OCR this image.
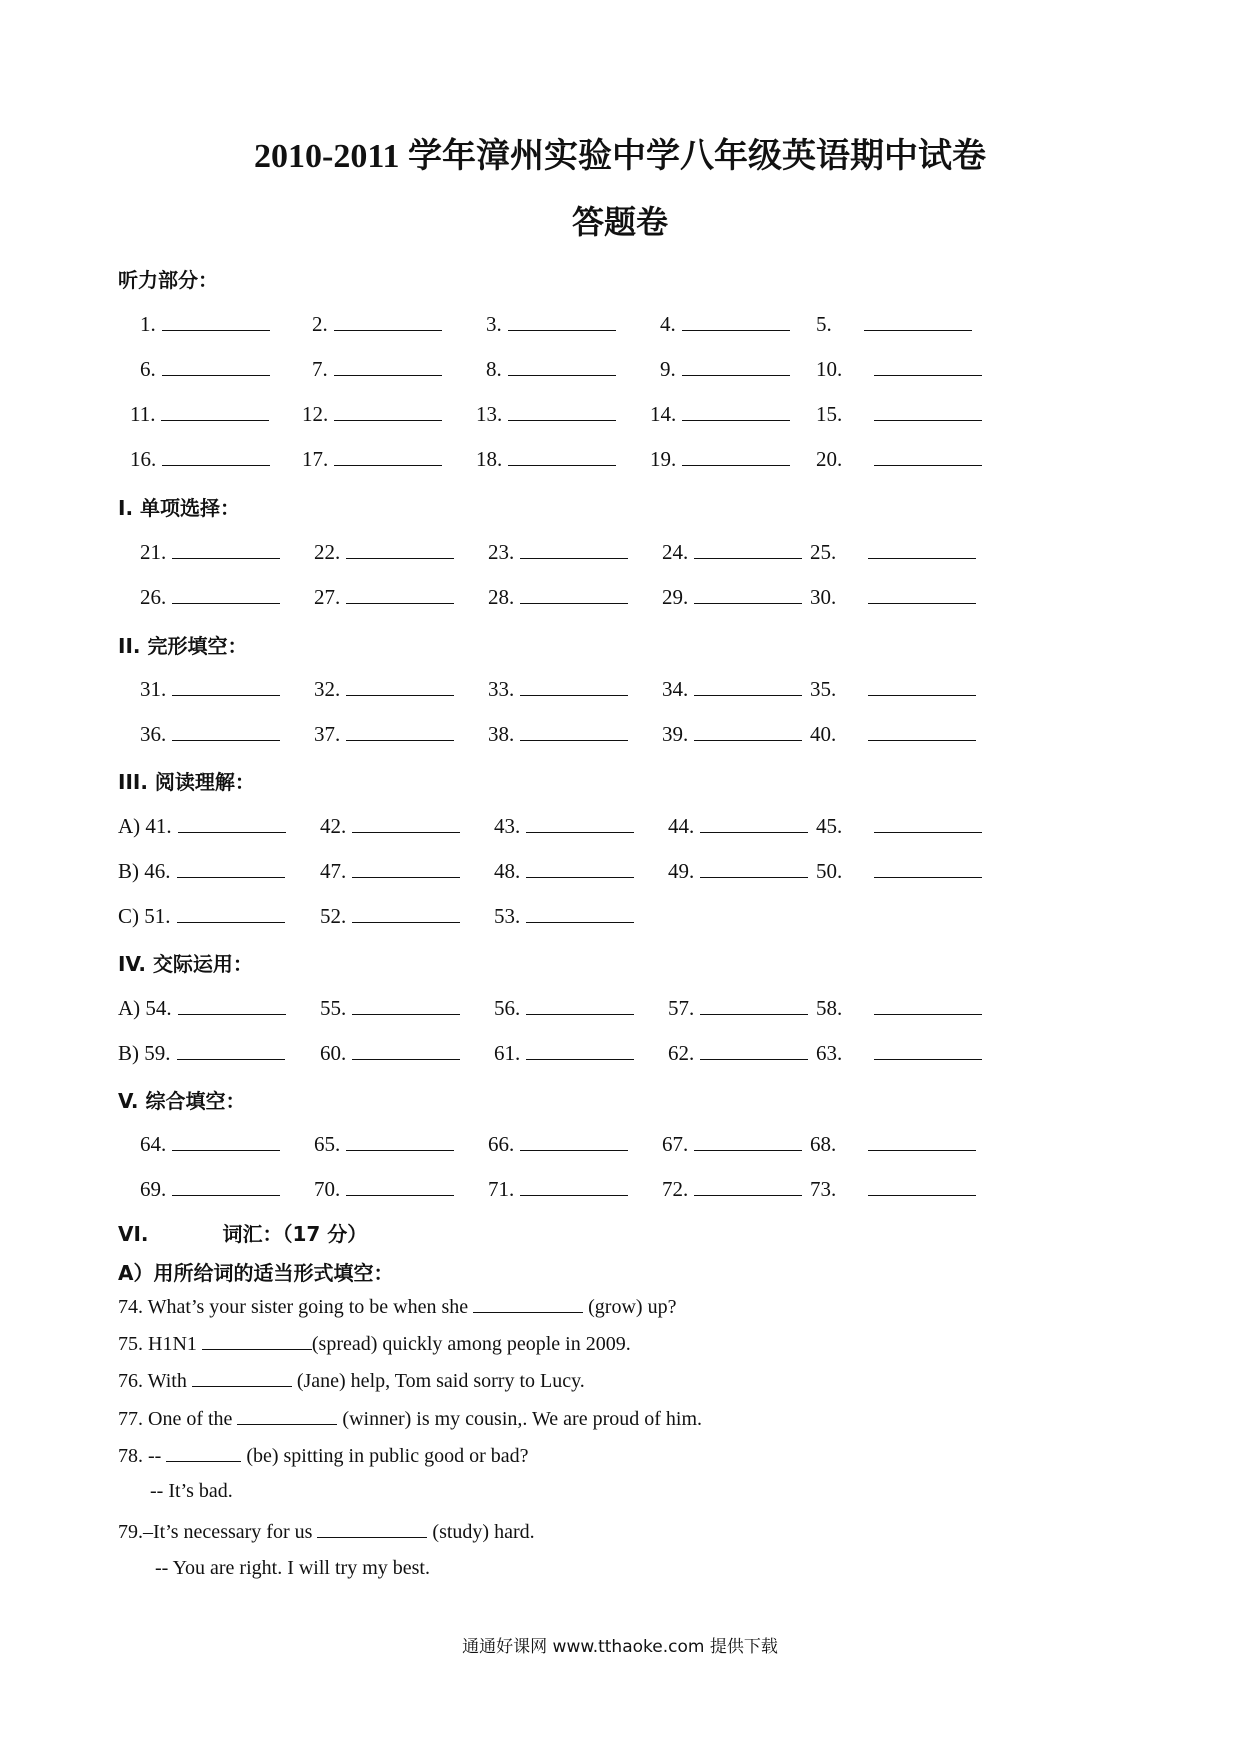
2010-2011 学年漳州实验中学八年级英语期中试卷
答题卷
听力部分：
1.	2.	3.	4.	5.
6.	7.	8.	9.	10.
11.	12.	13.	14.	15.
16.	17.	18.	19.	20.
I. 单项选择：
21.	22.	23.	24.	25.
26.	27.	28.	29.	30.
II. 完形填空：
31.	32.	33.	34.	35.
36.	37.	38.	39.	40.
III. 阅读理解：
A) 41.	42.	43.	44.	45.
B) 46.	47.	48.	49.	50.
C) 51.	52.	53.
IV. 交际运用：
A) 54.	55.	56.	57.	58.
B) 59.	60.	61.	62.	63.
V. 综合填空：
64.	65.	66.	67.	68.
69.	70.	71.	72.	73.
VI.	词汇：（17 分）
A）用所给词的适当形式填空：
74. What’s your sister going to be when she	(grow) up?
75. H1N1	(spread) quickly among people in 2009.
76. With	(Jane) help, Tom said sorry to Lucy.
77. One of the	(winner) is my cousin,. We are proud of him.
78. --	(be) spitting in public good or bad?
-- It’s bad.
79.–It’s necessary for us	(study) hard.
-- You are right. I will try my best.
通通好课网 www.tthaoke.com 提供下载
